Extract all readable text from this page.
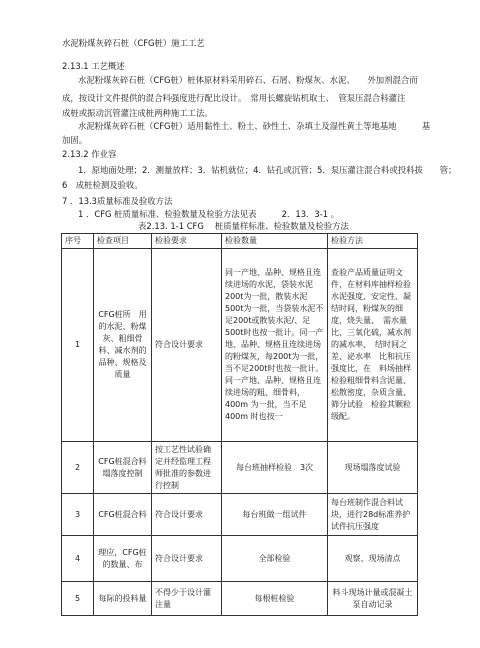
水泥粉煤灰碎石桩（CFG桩）施工工艺
2.13.1 工艺概述
水泥粉煤灰碎石桩（CFG桩）桩体原材料采用碎石、石屑、粉煤灰、水泥、　　外加剂混合而
成，按设计文件提供的混合料强度进行配比设计。　常用长螺旋钻机取土、　管泵压混合料灌注
成桩或振动沉管灌注成桩两种施工工法。
水泥粉煤灰碎石桩（CFG桩）适用黏性土、粉土、砂性土、杂填土及湿性黄土等地基地　　　基
加固。
2.13.2 作业容
1．原地面处理；2．测量放样；3．钻机就位；4．钻孔或沉管；5．泵压灌注混合料或投料拔　　管；
6　成桩检测及验收。
7 ．13.3质量标准及验收方法
1 ．CFG 桩质量标准、检验数量及检验方法见表　　　2．13．3-1 。
表2.13. 1-1 CFG　 桩质量样标准、检验数量及检验方法
序号	检查项目	检验要求	检验数量	检验方法
1	CFG桩所　用的水泥、粉煤灰、粗细骨料、减水剂的品种、规格及质量	符合设计要求	同一产地、品种、规格且连续进场的水泥，袋装水泥200t为一批，散装水泥 500t为一批，当袋装水泥不足200t或散装水泥/、足　500t时也按一批计。同一产地、品种、规格且连续进场的粉煤灰，每200t为一批，当不足200t时也按一批计。同一产地、品种、规格且连续进场的粗、细骨料，　　400m 为一批，当不足 400m 时也按一	查验产品质量证明文件，在材料库抽样检验水泥强度、安定性、凝结时间，粉煤灰的细度，烧失量、　需水量比、三氧化硫，减水剂的减水率、　结时间之差、泌水率　比和抗压强度比，在　料场抽样检验粗细骨料含泥量、松散密度，杂质含量、筛分试验　检验其颗粒级配。
2	CFG桩混合料塌落度控制	按工艺性试验确定并经监理工程师批准的参数进行控制	每台班抽样检验　3次	现场塌落度试验
3	CFG桩混合料	符合设计要求	每台班做一组试件	每台班制作混合料试块，进行28d标准养护试件抗压强度
4	理应，CFG桩的数量、布	符合设计要求	全部检验	观察、现场清点
5	每际的投料量	不得少于设计灌注量	每根桩检验	料斗现场计量或混凝土泵自动记录
